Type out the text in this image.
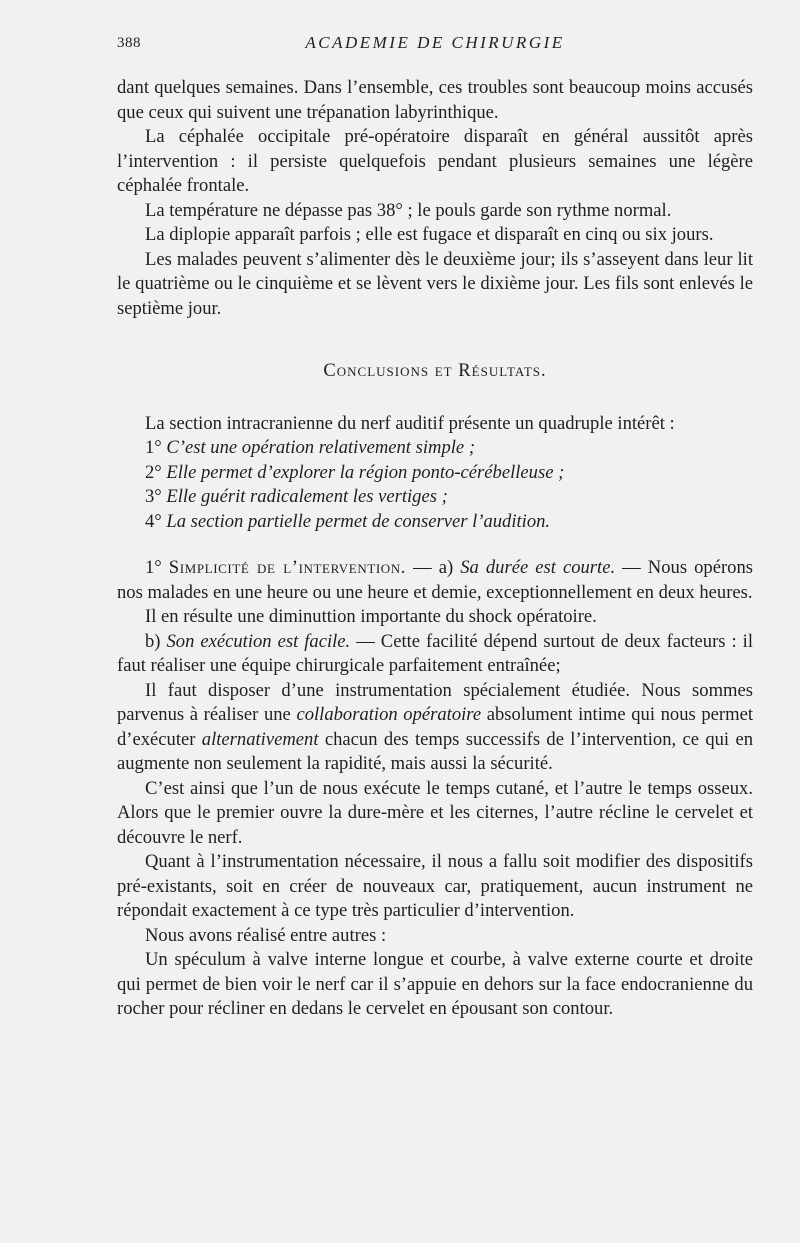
388	ACADEMIE DE CHIRURGIE

dant quelques semaines. Dans l’ensemble, ces troubles sont beaucoup moins accusés que ceux qui suivent une trépanation labyrinthique.

La céphalée occipitale pré-opératoire disparaît en général aussitôt après l’intervention : il persiste quelquefois pendant plusieurs semaines une légère céphalée frontale.

La température ne dépasse pas 38° ; le pouls garde son rythme normal.

La diplopie apparaît parfois ; elle est fugace et disparaît en cinq ou six jours.

Les malades peuvent s’alimenter dès le deuxième jour; ils s’asseyent dans leur lit le quatrième ou le cinquième et se lèvent vers le dixième jour. Les fils sont enlevés le septième jour.

Conclusions et Résultats.

La section intracranienne du nerf auditif présente un quadruple intérêt :

1° C’est une opération relativement simple ;

2° Elle permet d’explorer la région ponto-cérébelleuse ;

3° Elle guérit radicalement les vertiges ;

4° La section partielle permet de conserver l’audition.

1° Simplicité de l’intervention. — a) Sa durée est courte. — Nous opérons nos malades en une heure ou une heure et demie, exceptionnellement en deux heures.

Il en résulte une diminuttion importante du shock opératoire.

b) Son exécution est facile. — Cette facilité dépend surtout de deux facteurs : il faut réaliser une équipe chirurgicale parfaitement entraînée;

Il faut disposer d’une instrumentation spécialement étudiée. Nous sommes parvenus à réaliser une collaboration opératoire absolument intime qui nous permet d’exécuter alternativement chacun des temps successifs de l’intervention, ce qui en augmente non seulement la rapidité, mais aussi la sécurité.

C’est ainsi que l’un de nous exécute le temps cutané, et l’autre le temps osseux. Alors que le premier ouvre la dure-mère et les citernes, l’autre récline le cervelet et découvre le nerf.

Quant à l’instrumentation nécessaire, il nous a fallu soit modifier des dispositifs pré-existants, soit en créer de nouveaux car, pratiquement, aucun instrument ne répondait exactement à ce type très particulier d’intervention.

Nous avons réalisé entre autres :

Un spéculum à valve interne longue et courbe, à valve externe courte et droite qui permet de bien voir le nerf car il s’appuie en dehors sur la face endocranienne du rocher pour récliner en dedans le cervelet en épousant son contour.
